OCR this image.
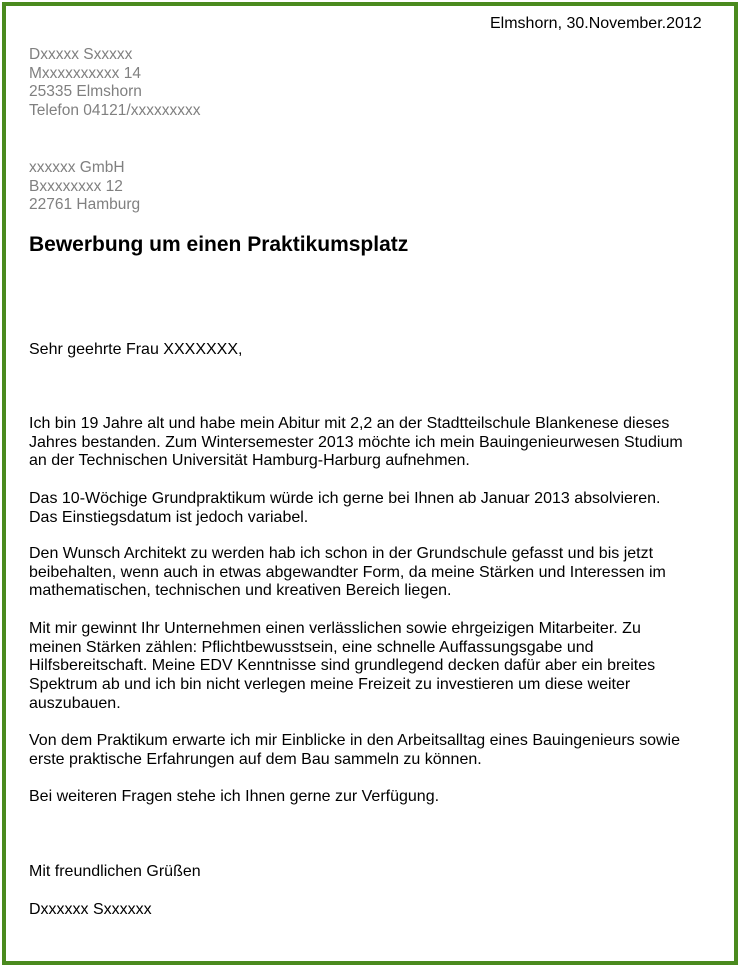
Elmshorn, 30.November.2012
Dxxxxx Sxxxxx
Mxxxxxxxxxx 14
25335 Elmshorn
Telefon 04121/xxxxxxxxx
xxxxxx GmbH
Bxxxxxxxx 12
22761 Hamburg
Bewerbung um einen Praktikumsplatz
Sehr geehrte Frau XXXXXXX,
Ich bin 19 Jahre alt und habe mein Abitur mit 2,2 an der Stadtteilschule Blankenese dieses
Jahres bestanden. Zum Wintersemester 2013 möchte ich mein Bauingenieurwesen Studium
an der Technischen Universität Hamburg-Harburg aufnehmen.
Das 10-Wöchige Grundpraktikum würde ich gerne bei Ihnen ab Januar 2013 absolvieren.
Das Einstiegsdatum ist jedoch variabel.
Den Wunsch Architekt zu werden hab ich schon in der Grundschule gefasst und bis jetzt
beibehalten, wenn auch in etwas abgewandter Form, da meine Stärken und Interessen im
mathematischen, technischen und kreativen Bereich liegen.
Mit mir gewinnt Ihr Unternehmen einen verlässlichen sowie ehrgeizigen Mitarbeiter. Zu
meinen Stärken zählen: Pflichtbewusstsein, eine schnelle Auffassungsgabe und
Hilfsbereitschaft. Meine EDV Kenntnisse sind grundlegend decken dafür aber ein breites
Spektrum ab und ich bin nicht verlegen meine Freizeit zu investieren um diese weiter
auszubauen.
Von dem Praktikum erwarte ich mir Einblicke in den Arbeitsalltag eines Bauingenieurs sowie
erste praktische Erfahrungen auf dem Bau sammeln zu können.
Bei weiteren Fragen stehe ich Ihnen gerne zur Verfügung.
Mit freundlichen Grüßen
Dxxxxxx Sxxxxxx
